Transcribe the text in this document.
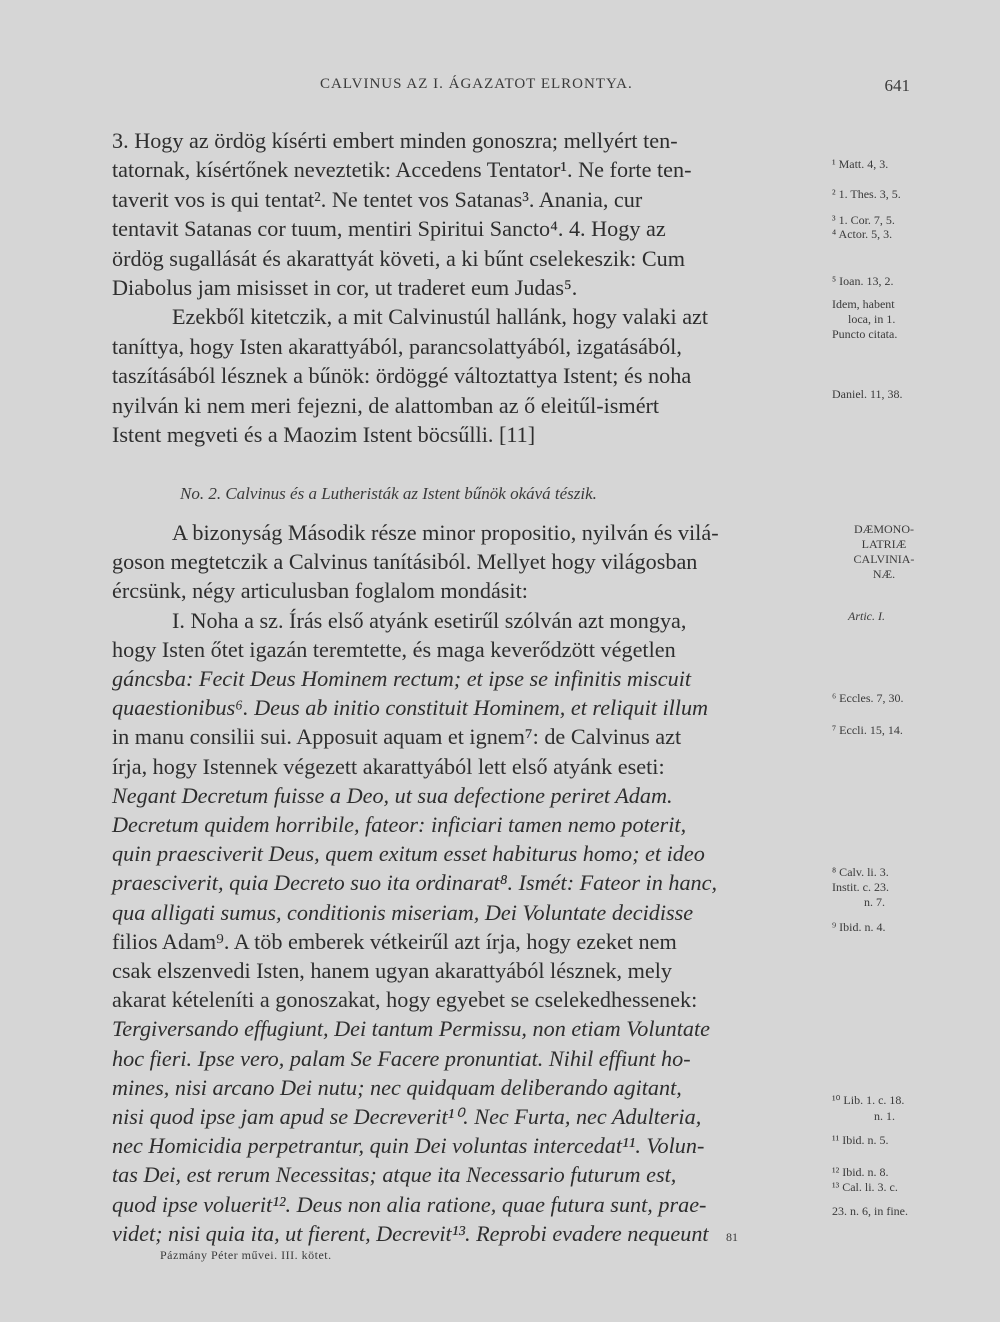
CALVINUS AZ I. ÁGAZATOT ELRONTYA.	641

3. Hogy az ördög kísérti embert minden gonoszra; mellyért ten-

tatornak, kísértőnek neveztetik: Accedens Tentator¹. Ne forte ten-

taverit vos is qui tentat². Ne tentet vos Satanas³. Anania, cur

tentavit Satanas cor tuum, mentiri Spiritui Sancto⁴. 4. Hogy az

ördög sugallását és akarattyát követi, a ki bűnt cselekeszik: Cum

Diabolus jam misisset in cor, ut traderet eum Judas⁵.

Ezekből kitetczik, a mit Calvinustúl hallánk, hogy valaki azt

taníttya, hogy Isten akarattyából, parancsolattyából, izgatásából,

taszításából lésznek a bűnök: ördöggé változtattya Istent; és noha

nyilván ki nem meri fejezni, de alattomban az ő eleitűl-ismért

Istent megveti és a Maozim Istent böcsűlli. [11]

No. 2. Calvinus és a Lutheristák az Istent bűnök okává tészik.

A bizonyság Második része minor propositio, nyilván és vilá-

goson megtetczik a Calvinus tanításiból. Mellyet hogy világosban

ércsünk, négy articulusban foglalom mondásit:

I. Noha a sz. Írás első atyánk esetirűl szólván azt mongya,

hogy Isten őtet igazán teremtette, és maga keverődzött végetlen

gáncsba: Fecit Deus Hominem rectum; et ipse se infinitis miscuit

quaestionibus⁶. Deus ab initio constituit Hominem, et reliquit illum

in manu consilii sui. Apposuit aquam et ignem⁷: de Calvinus azt

írja, hogy Istennek végezett akarattyából lett első atyánk eseti:

Negant Decretum fuisse a Deo, ut sua defectione periret Adam.

Decretum quidem horribile, fateor: inficiari tamen nemo poterit,

quin praesciverit Deus, quem exitum esset habiturus homo; et ideo

praesciverit, quia Decreto suo ita ordinarat⁸. Ismét: Fateor in hanc,

qua alligati sumus, conditionis miseriam, Dei Voluntate decidisse

filios Adam⁹. A töb emberek vétkeirűl azt írja, hogy ezeket nem

csak elszenvedi Isten, hanem ugyan akarattyából lésznek, mely

akarat kételeníti a gonoszakat, hogy egyebet se cselekedhessenek:

Tergiversando effugiunt, Dei tantum Permissu, non etiam Voluntate

hoc fieri. Ipse vero, palam Se Facere pronuntiat. Nihil effiunt ho-

mines, nisi arcano Dei nutu; nec quidquam deliberando agitant,

nisi quod ipse jam apud se Decreverit¹⁰. Nec Furta, nec Adulteria,

nec Homicidia perpetrantur, quin Dei voluntas intercedat¹¹. Volun-

tas Dei, est rerum Necessitas; atque ita Necessario futurum est,

quod ipse voluerit¹². Deus non alia ratione, quae futura sunt, prae-

videt; nisi quia ita, ut fierent, Decrevit¹³. Reprobi evadere nequeunt

¹ Matt. 4, 3.
² 1. Thes. 3, 5.
³ 1. Cor. 7, 5.
⁴ Actor. 5, 3.
⁵ Ioan. 13, 2.
Idem, habent
loca, in 1.
Puncto citata.
Daniel. 11, 38.
DÆMONO-
LATRIÆ
CALVINIA-
NÆ.
Artic. I.
⁶ Eccles. 7, 30.
⁷ Eccli. 15, 14.
⁸ Calv. li. 3.
Instit. c. 23.
n. 7.
⁹ Ibid. n. 4.
¹⁰ Lib. 1. c. 18.
n. 1.
¹¹ Ibid. n. 5.
¹² Ibid. n. 8.
¹³ Cal. li. 3. c.
23. n. 6, in fine.
81
Pázmány Péter művei. III. kötet.
